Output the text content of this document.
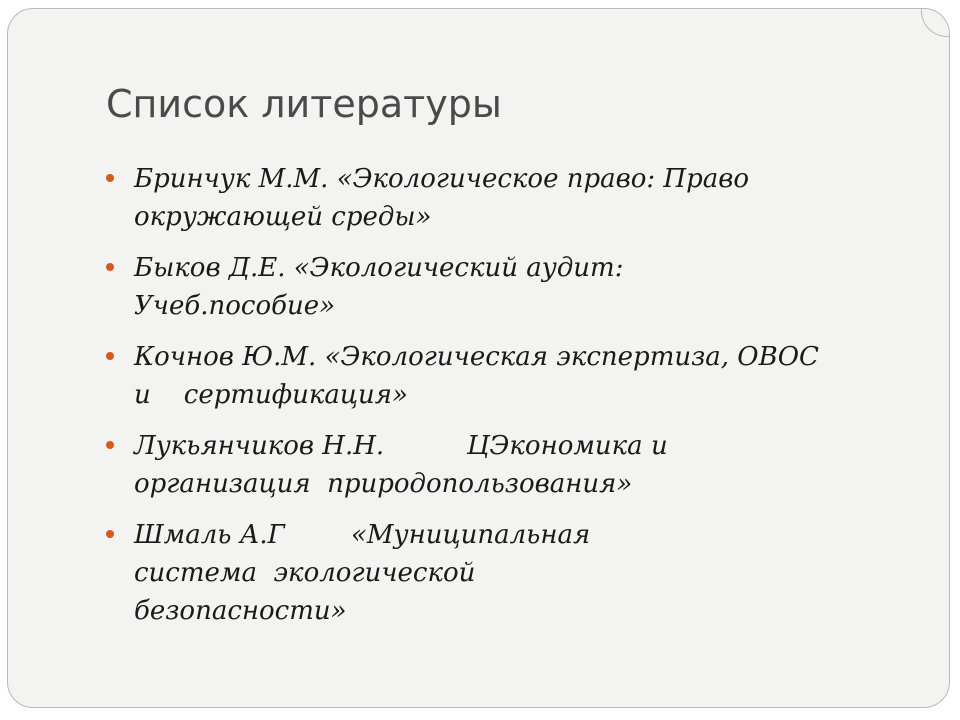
Список литературы
Бринчук М.М. «Экологическое право: Право
окружающей среды»
Быков Д.Е. «Экологический аудит:
Учеб.пособие»
Кочнов Ю.М. «Экологическая экспертиза, ОВОС
и    сертификация»
Лукьянчиков Н.Н.          ЦЭкономика и
организация  природопользования»
Шмаль А.Г        «Муниципальная
система  экологической
безопасности»
